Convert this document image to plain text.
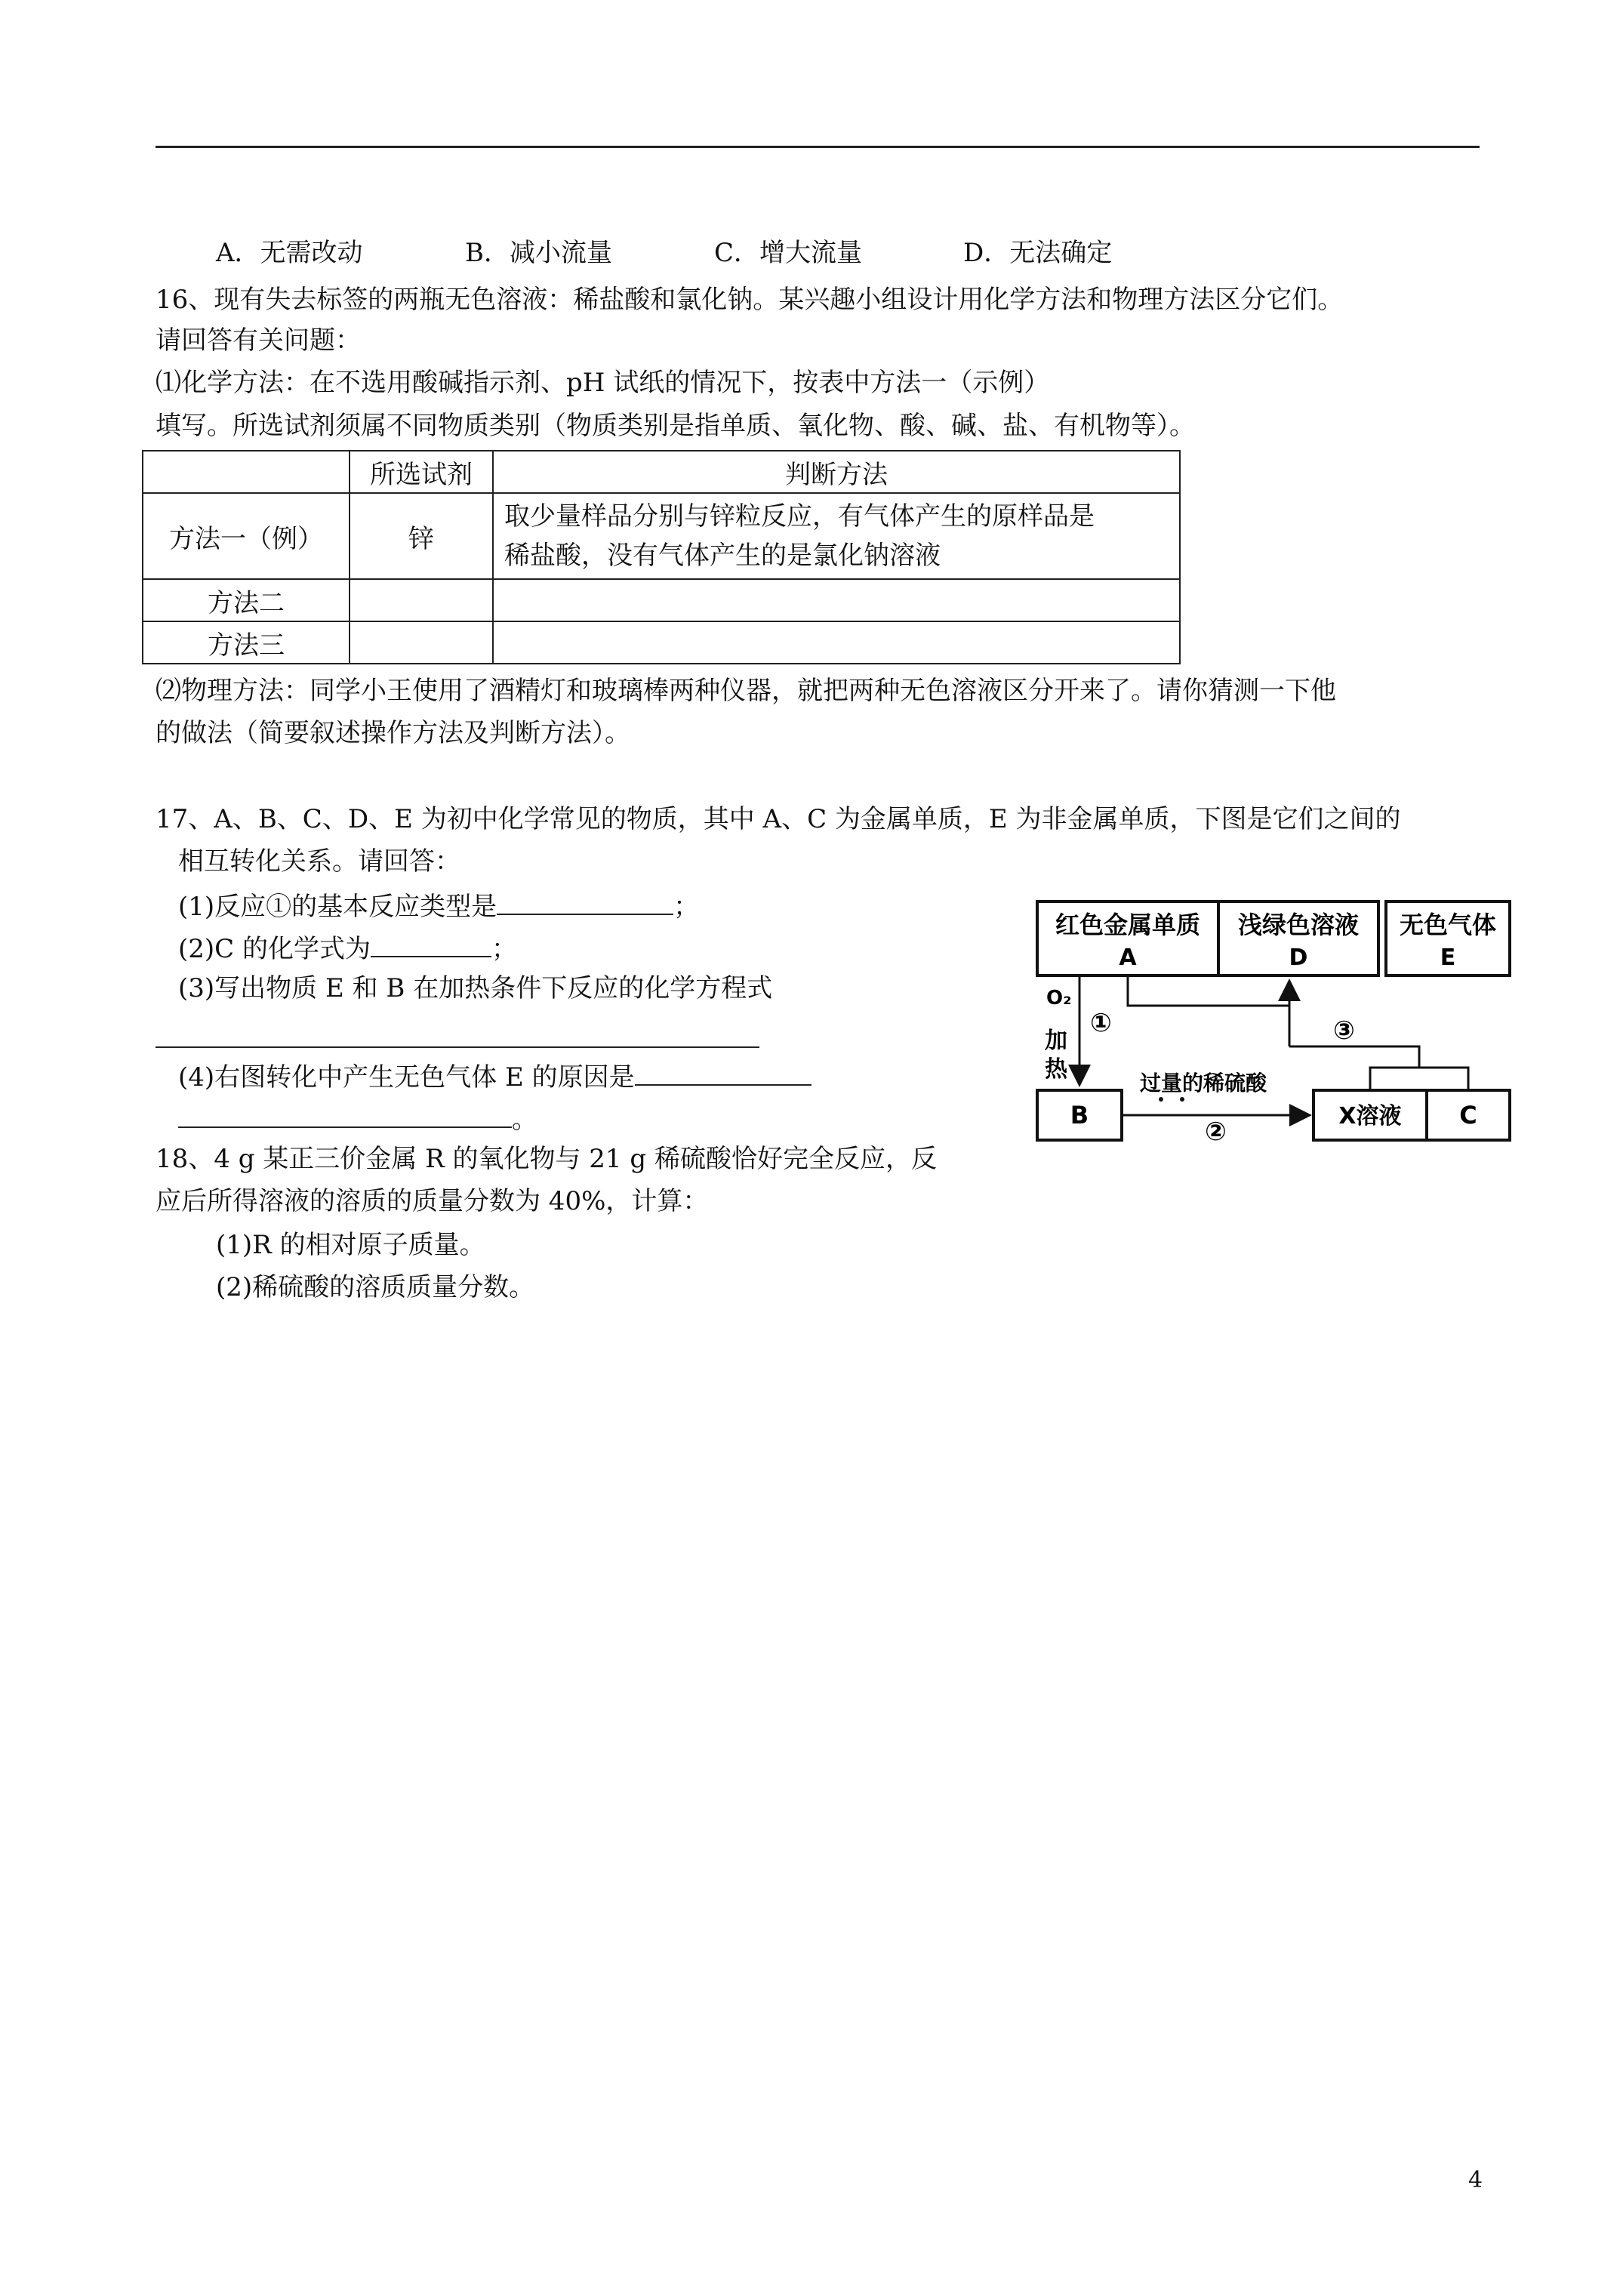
A．无需改动	B．减小流量	C．增大流量	D．无法确定
16、现有失去标签的两瓶无色溶液：稀盐酸和氯化钠。某兴趣小组设计用化学方法和物理方法区分它们。
请回答有关问题：
⑴化学方法：在不选用酸碱指示剂、pH 试纸的情况下，按表中方法一（示例）
填写。所选试剂须属不同物质类别（物质类别是指单质、氧化物、酸、碱、盐、有机物等）。
	所选试剂	判断方法
方法一（例）	锌	取少量样品分别与锌粒反应，有气体产生的原样品是
稀盐酸，没有气体产生的是氯化钠溶液

方法二		
方法三		
⑵物理方法：同学小王使用了酒精灯和玻璃棒两种仪器，就把两种无色溶液区分开来了。请你猜测一下他
的做法（简要叙述操作方法及判断方法）。
17、A、B、C、D、E 为初中化学常见的物质，其中 A、C 为金属单质，E 为非金属单质，下图是它们之间的
相互转化关系。请回答：
(1)反应①的基本反应类型是	；
(2)C 的化学式为	；
(3)写出物质 E 和 B 在加热条件下反应的化学方程式
(4)右图转化中产生无色气体 E 的原因是
。
红色金属单质
A
浅绿色溶液
D
无色气体
E
O₂
加
热
①
B
过量的稀硫酸
②
X溶液 C
③
18、4 g 某正三价金属 R 的氧化物与 21 g 稀硫酸恰好完全反应，反
应后所得溶液的溶质的质量分数为 40%，计算：
(1)R 的相对原子质量。
(2)稀硫酸的溶质质量分数。
4
